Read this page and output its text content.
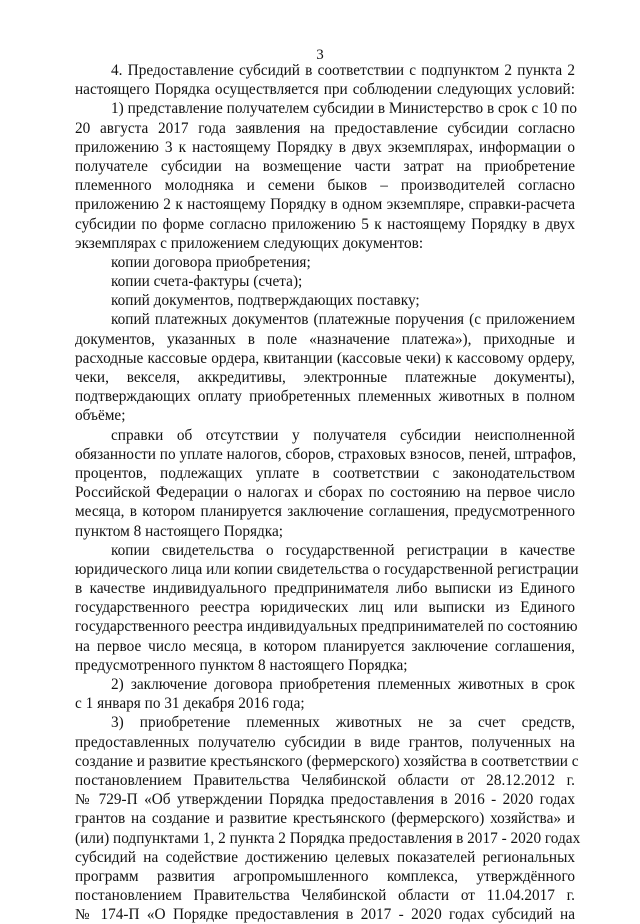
3
4. Предоставление субсидий в соответствии с подпунктом 2 пункта 2
настоящего Порядка осуществляется при соблюдении следующих условий:
1) представление получателем субсидии в Министерство в срок с 10 по
20 августа 2017 года заявления на предоставление субсидии согласно
приложению 3 к настоящему Порядку в двух экземплярах, информации о
получателе субсидии на возмещение части затрат на приобретение
племенного молодняка и семени быков – производителей согласно
приложению 2 к настоящему Порядку в одном экземпляре, справки-расчета
субсидии по форме согласно приложению 5 к настоящему Порядку в двух
экземплярах с приложением следующих документов:
копии договора приобретения;
копии счета-фактуры (счета);
копий документов, подтверждающих поставку;
копий платежных документов (платежные поручения (с приложением
документов, указанных в поле «назначение платежа»), приходные и
расходные кассовые ордера, квитанции (кассовые чеки) к кассовому ордеру,
чеки, векселя, аккредитивы, электронные платежные документы),
подтверждающих оплату приобретенных племенных животных в полном
объёме;
справки об отсутствии у получателя субсидии неисполненной
обязанности по уплате налогов, сборов, страховых взносов, пеней, штрафов,
процентов, подлежащих уплате в соответствии с законодательством
Российской Федерации о налогах и сборах по состоянию на первое число
месяца, в котором планируется заключение соглашения, предусмотренного
пунктом 8 настоящего Порядка;
копии свидетельства о государственной регистрации в качестве
юридического лица или копии свидетельства о государственной регистрации
в качестве индивидуального предпринимателя либо выписки из Единого
государственного реестра юридических лиц или выписки из Единого
государственного реестра индивидуальных предпринимателей по состоянию
на первое число месяца, в котором планируется заключение соглашения,
предусмотренного пунктом 8 настоящего Порядка;
2) заключение договора приобретения племенных животных в срок
с 1 января по 31 декабря 2016 года;
3) приобретение племенных животных не за счет средств,
предоставленных получателю субсидии в виде грантов, полученных на
создание и развитие крестьянского (фермерского) хозяйства в соответствии с
постановлением Правительства Челябинской области от 28.12.2012 г.
№ 729-П «Об утверждении Порядка предоставления в 2016 - 2020 годах
грантов на создание и развитие крестьянского (фермерского) хозяйства» и
(или) подпунктами 1, 2 пункта 2 Порядка предоставления в 2017 - 2020 годах
субсидий на содействие достижению целевых показателей региональных
программ развития агропромышленного комплекса, утверждённого
постановлением Правительства Челябинской области от 11.04.2017 г.
№ 174-П «О Порядке предоставления в 2017 - 2020 годах субсидий на
